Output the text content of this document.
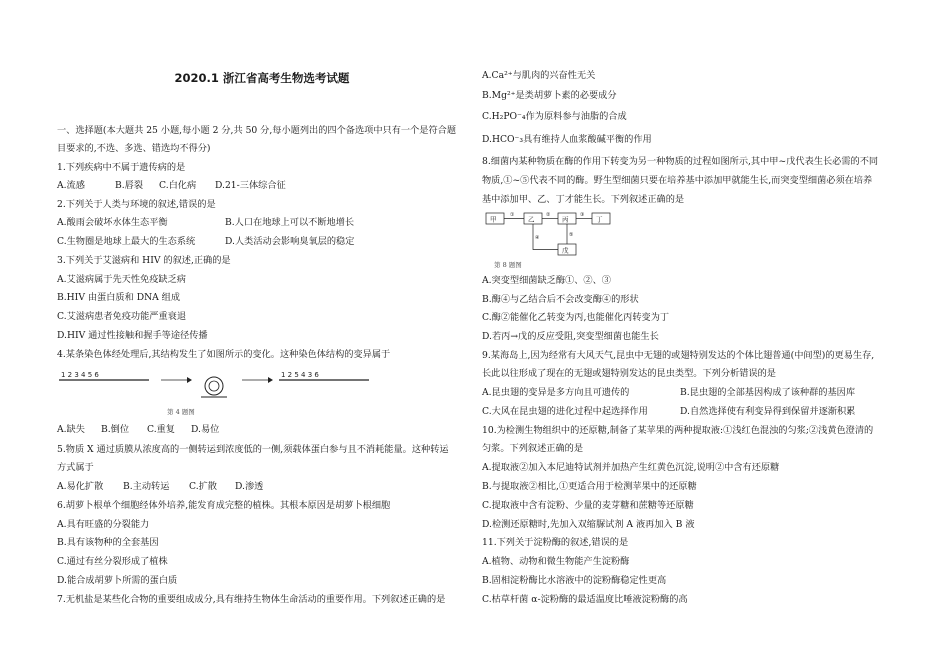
2020.1 浙江省高考生物选考试题
一、选择题(本大题共 25 小题,每小题 2 分,共 50 分,每小题列出的四个备选项中只有一个是符合题
目要求的,不选、多选、错选均不得分)
1.下列疾病中不属于遗传病的是
A.流感	B.唇裂	C.白化病	D.21-三体综合征
2.下列关于人类与环境的叙述,错误的是
A.酸雨会破坏水体生态平衡	B.人口在地球上可以不断地增长
C.生物圈是地球上最大的生态系统	D.人类活动会影响臭氧层的稳定
3.下列关于艾滋病和 HIV 的叙述,正确的是
A.艾滋病属于先天性免疫缺乏病
B.HIV 由蛋白质和 DNA 组成
C.艾滋病患者免疫功能严重衰退
D.HIV 通过性接触和握手等途径传播
4.某条染色体经处理后,其结构发生了如图所示的变化。这种染色体结构的变异属于
1 2 3 4 5 6	1 2 5 4 3 6
第 4 题图
A.缺失	B.倒位	C.重复	D.易位
5.物质 X 通过质膜从浓度高的一侧转运到浓度低的一侧,须载体蛋白参与且不消耗能量。这种转运
方式属于
A.易化扩散	B.主动转运	C.扩散	D.渗透
6.胡萝卜根单个细胞经体外培养,能发育成完整的植株。其根本原因是胡萝卜根细胞
A.具有旺盛的分裂能力
B.具有该物种的全套基因
C.通过有丝分裂形成了植株
D.能合成胡萝卜所需的蛋白质
7.无机盐是某些化合物的重要组成成分,具有维持生物体生命活动的重要作用。下列叙述正确的是
A.Ca²⁺与肌肉的兴奋性无关
B.Mg²⁺是类胡萝卜素的必要成分
C.H₂PO⁻₄作为原料参与油脂的合成
D.HCO⁻₃具有维持人血浆酸碱平衡的作用
8.细菌内某种物质在酶的作用下转变为另一种物质的过程如图所示,其中甲~戊代表生长必需的不同
物质,①~⑤代表不同的酶。野生型细菌只要在培养基中添加甲就能生长,而突变型细菌必须在培养
基中添加甲、乙、丁才能生长。下列叙述正确的是
甲	乙	丙	丁
戊
①	②	③
④	⑤
第 8 题图
A.突变型细菌缺乏酶①、②、③
B.酶④与乙结合后不会改变酶④的形状
C.酶②能催化乙转变为丙,也能催化丙转变为丁
D.若丙→戊的反应受阻,突变型细菌也能生长
9.某海岛上,因为经常有大风天气,昆虫中无翅的或翅特别发达的个体比翅普通(中间型)的更易生存,
长此以往形成了现在的无翅或翅特别发达的昆虫类型。下列分析错误的是
A.昆虫翅的变异是多方向且可遗传的	B.昆虫翅的全部基因构成了该种群的基因库
C.大风在昆虫翅的进化过程中起选择作用	D.自然选择使有利变异得到保留并逐渐积累
10.为检测生物组织中的还原糖,制备了某苹果的两种提取液:①浅红色混浊的匀浆;②浅黄色澄清的
匀浆。下列叙述正确的是
A.提取液②加入本尼迪特试剂并加热产生红黄色沉淀,说明②中含有还原糖
B.与提取液②相比,①更适合用于检测苹果中的还原糖
C.提取液中含有淀粉、少量的麦芽糖和蔗糖等还原糖
D.检测还原糖时,先加入双缩脲试剂 A 液再加入 B 液
11.下列关于淀粉酶的叙述,错误的是
A.植物、动物和微生物能产生淀粉酶
B.固相淀粉酶比水溶液中的淀粉酶稳定性更高
C.枯草杆菌 α-淀粉酶的最适温度比唾液淀粉酶的高
